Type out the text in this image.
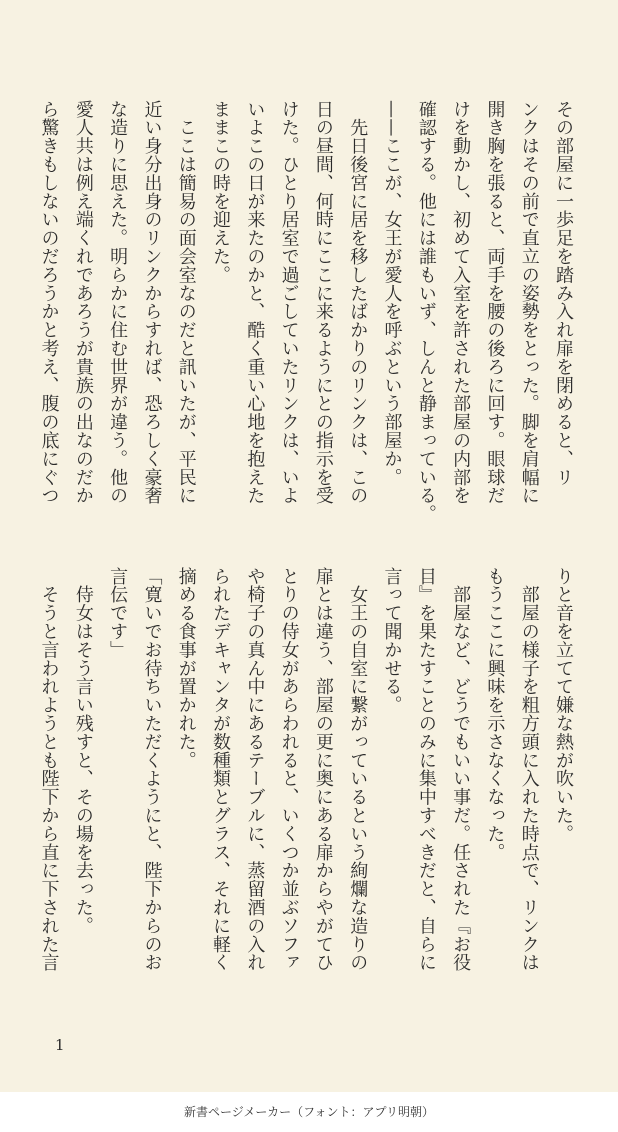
その部屋に一歩足を踏み入れ扉を閉めると、リ

ンクはその前で直立の姿勢をとった。脚を肩幅に

開き胸を張ると、両手を腰の後ろに回す。眼球だ

けを動かし、初めて入室を許された部屋の内部を

確認する。他には誰もいず、しんと静まっている。

——ここが、女王が愛人を呼ぶという部屋か。

　先日後宮に居を移したばかりのリンクは、この

日の昼間、何時にここに来るようにとの指示を受

けた。ひとり居室で過ごしていたリンクは、いよ

いよこの日が来たのかと、酷く重い心地を抱えた

ままこの時を迎えた。

　ここは簡易の面会室なのだと訊いたが、平民に

近い身分出身のリンクからすれば、恐ろしく豪奢

な造りに思えた。明らかに住む世界が違う。他の

愛人共は例え端くれであろうが貴族の出なのだか

ら驚きもしないのだろうかと考え、腹の底にぐつ

りと音を立てて嫌な熱が吹いた。

　部屋の様子を粗方頭に入れた時点で、リンクは

もうここに興味を示さなくなった。

　部屋など、どうでもいい事だ。任された『お役

目』を果たすことのみに集中すべきだと、自らに

言って聞かせる。

　女王の自室に繋がっているという絢爛な造りの

扉とは違う、部屋の更に奥にある扉からやがてひ

とりの侍女があらわれると、いくつか並ぶソファ

や椅子の真ん中にあるテーブルに、蒸留酒の入れ

られたデキャンタが数種類とグラス、それに軽く

摘める食事が置かれた。

「寛いでお待ちいただくようにと、陛下からのお

言伝です」

　侍女はそう言い残すと、その場を去った。

　そうと言われようとも陛下から直に下された言

1
新書ページメーカー（フォント：アプリ明朝）
